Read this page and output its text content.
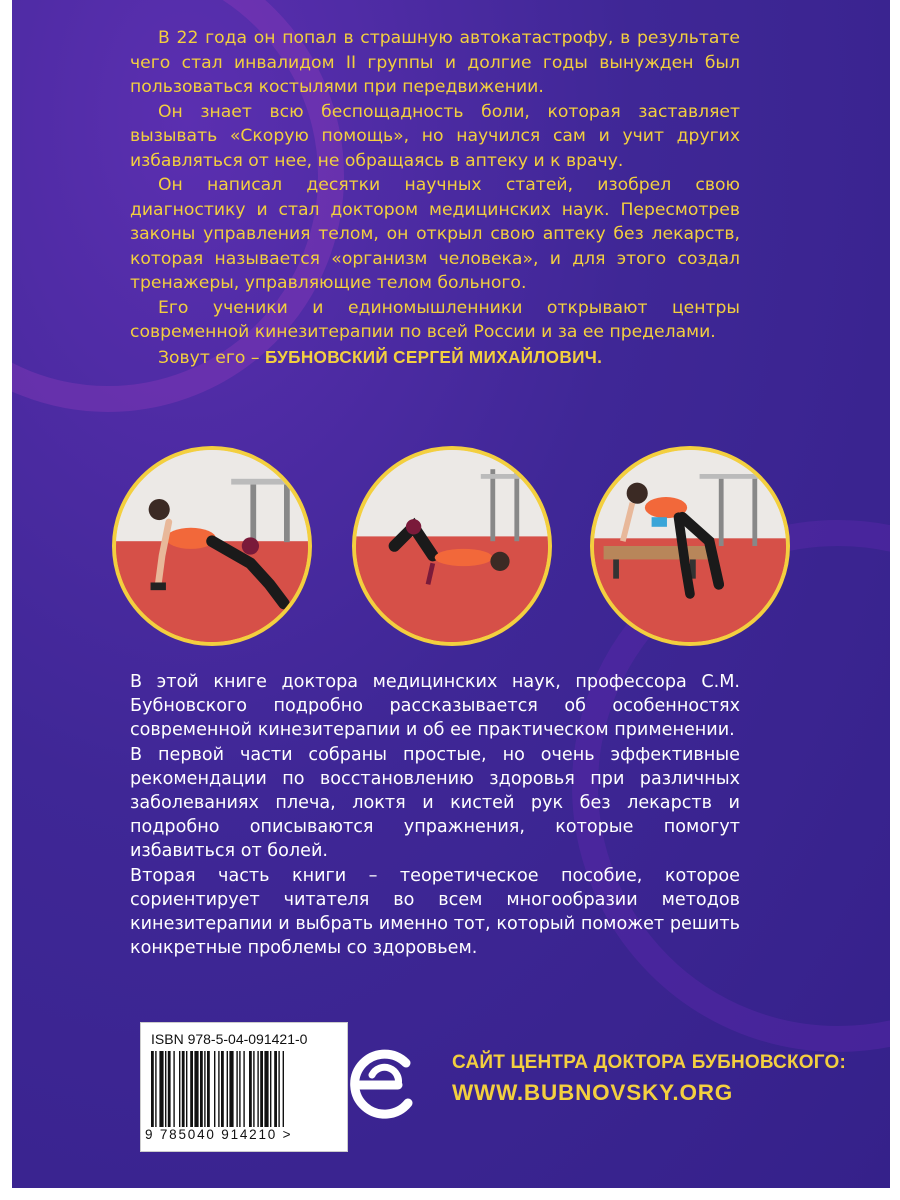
В 22 года он попал в страшную автокатастрофу, в результате чего стал инвалидом II группы и долгие годы вынужден был пользоваться костылями при передвижении.

Он знает всю беспощадность боли, которая заставляет вызывать «Скорую помощь», но научился сам и учит других избавляться от нее, не обращаясь в аптеку и к врачу.

Он написал десятки научных статей, изобрел свою диагностику и стал доктором медицинских наук. Пересмотрев законы управления телом, он открыл свою аптеку без лекарств, которая называется «организм человека», и для этого создал тренажеры, управляющие телом больного.

Его ученики и единомышленники открывают центры современной кинезитерапии по всей России и за ее пределами.

Зовут его – БУБНОВСКИЙ СЕРГЕЙ МИХАЙЛОВИЧ.

В этой книге доктора медицинских наук, профессора С.М. Бубновского подробно рассказывается об особенностях современной кинезитерапии и об ее практическом применении.

В первой части собраны простые, но очень эффективные рекомендации по восстановлению здоровья при различных заболеваниях плеча, локтя и кистей рук без лекарств и подробно описываются упражнения, которые помогут избавиться от болей.

Вторая часть книги – теоретическое пособие, которое сориентирует читателя во всем многообразии методов кинезитерапии и выбрать именно тот, который поможет решить конкретные проблемы со здоровьем.

ISBN 978-5-04-091421-0
9 785040 914210 >
САЙТ ЦЕНТРА ДОКТОРА БУБНОВСКОГО:
WWW.BUBNOVSKY.ORG
